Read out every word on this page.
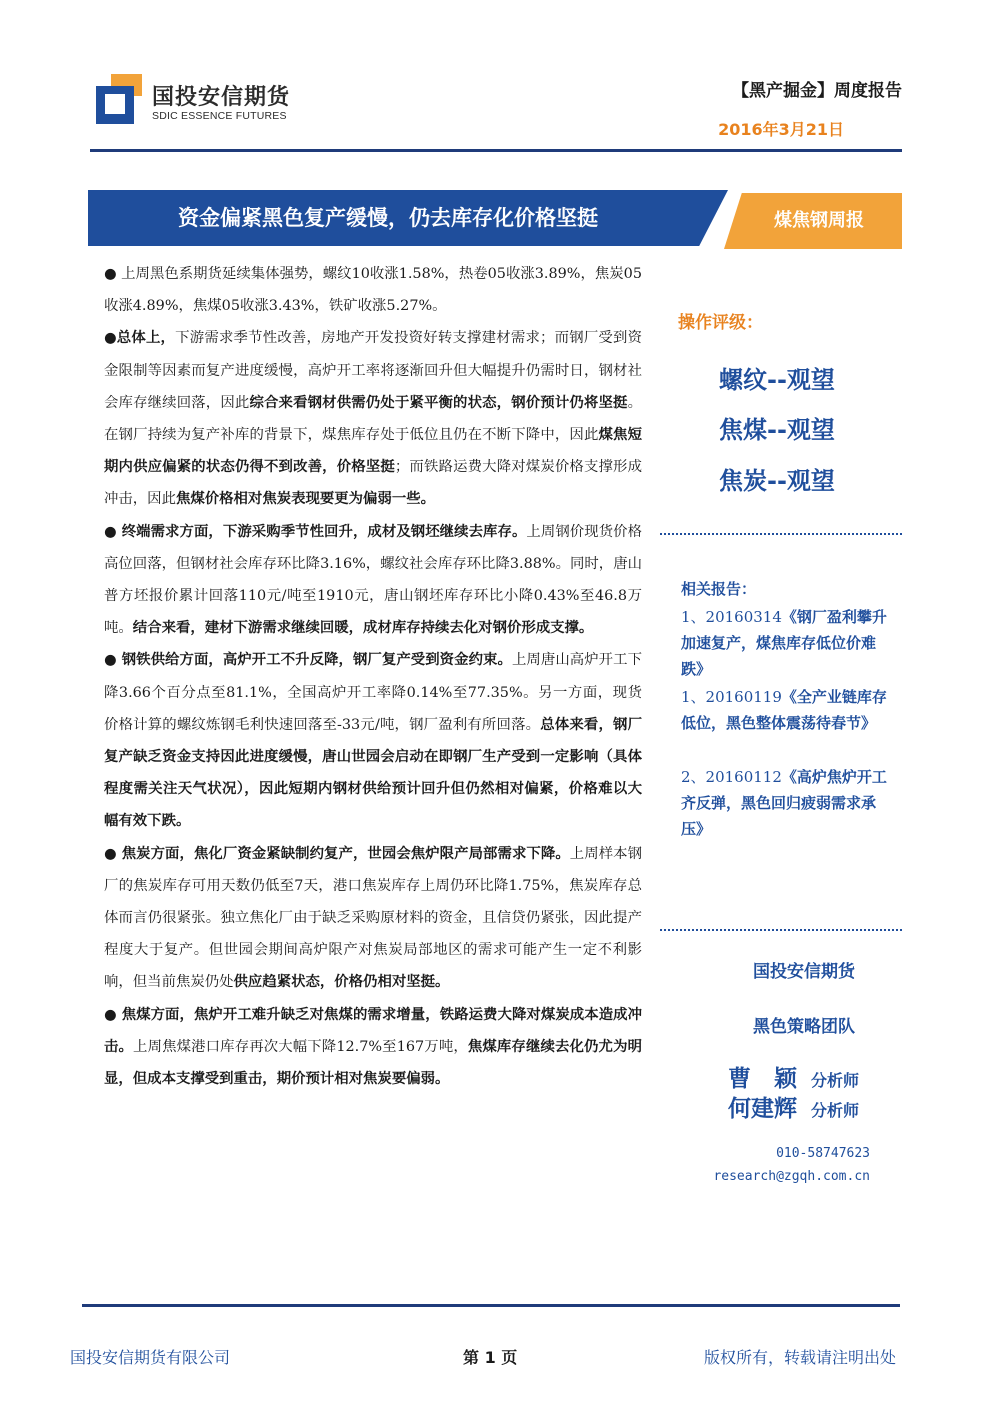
国投安信期货
SDIC ESSENCE FUTURES
【黑产掘金】周度报告
2016年3月21日
资金偏紧黑色复产缓慢，仍去库存化价格坚挺	煤焦钢周报

● 上周黑色系期货延续集体强势，螺纹10收涨1.58%，热卷05收涨3.89%，焦炭05收涨4.89%，焦煤05收涨3.43%，铁矿收涨5.27%。

●总体上，下游需求季节性改善，房地产开发投资好转支撑建材需求；而钢厂受到资金限制等因素而复产进度缓慢，高炉开工率将逐渐回升但大幅提升仍需时日，钢材社会库存继续回落，因此综合来看钢材供需仍处于紧平衡的状态，钢价预计仍将坚挺。在钢厂持续为复产补库的背景下，煤焦库存处于低位且仍在不断下降中，因此煤焦短期内供应偏紧的状态仍得不到改善，价格坚挺；而铁路运费大降对煤炭价格支撑形成冲击，因此焦煤价格相对焦炭表现要更为偏弱一些。

● 终端需求方面，下游采购季节性回升，成材及钢坯继续去库存。上周钢价现货价格高位回落，但钢材社会库存环比降3.16%，螺纹社会库存环比降3.88%。同时，唐山普方坯报价累计回落110元/吨至1910元，唐山钢坯库存环比小降0.43%至46.8万吨。结合来看，建材下游需求继续回暖，成材库存持续去化对钢价形成支撑。

● 钢铁供给方面，高炉开工不升反降，钢厂复产受到资金约束。上周唐山高炉开工下降3.66个百分点至81.1%，全国高炉开工率降0.14%至77.35%。另一方面，现货价格计算的螺纹炼钢毛利快速回落至-33元/吨，钢厂盈利有所回落。总体来看，钢厂复产缺乏资金支持因此进度缓慢，唐山世园会启动在即钢厂生产受到一定影响（具体程度需关注天气状况），因此短期内钢材供给预计回升但仍然相对偏紧，价格难以大幅有效下跌。

● 焦炭方面，焦化厂资金紧缺制约复产，世园会焦炉限产局部需求下降。上周样本钢厂的焦炭库存可用天数仍低至7天，港口焦炭库存上周仍环比降1.75%，焦炭库存总体而言仍很紧张。独立焦化厂由于缺乏采购原材料的资金，且信贷仍紧张，因此提产程度大于复产。但世园会期间高炉限产对焦炭局部地区的需求可能产生一定不利影响，但当前焦炭仍处供应趋紧状态，价格仍相对坚挺。

● 焦煤方面，焦炉开工难升缺乏对焦煤的需求增量，铁路运费大降对煤炭成本造成冲击。上周焦煤港口库存再次大幅下降12.7%至167万吨，焦煤库存继续去化仍尤为明显，但成本支撑受到重击，期价预计相对焦炭要偏弱。

操作评级：
螺纹--观望
焦煤--观望
焦炭--观望
相关报告：
1、20160314《钢厂盈利攀升加速复产，煤焦库存低位价难跌》
1、20160119《全产业链库存低位，黑色整体震荡待春节》
2、20160112《高炉焦炉开工齐反弹，黑色回归疲弱需求承压》
国投安信期货
黑色策略团队
曹　颖 分析师
何建辉 分析师
010-58747623
research@zgqh.com.cn
国投安信期货有限公司	第 1 页	版权所有，转载请注明出处
